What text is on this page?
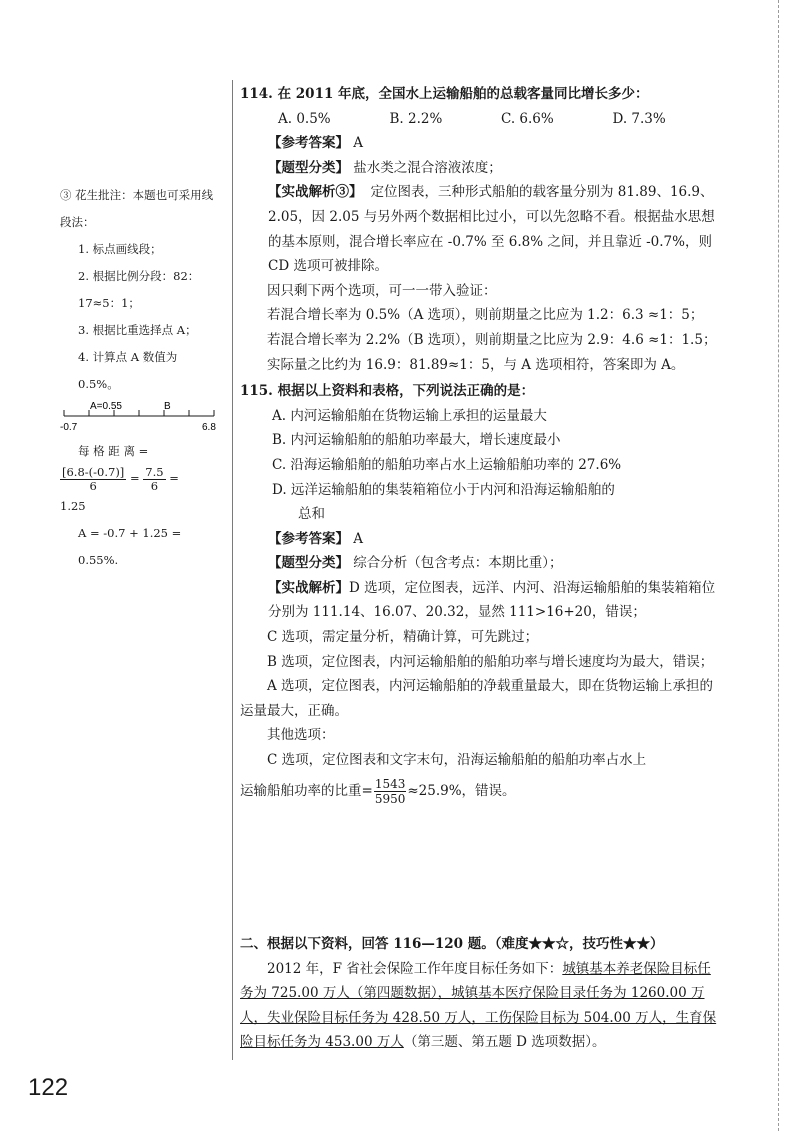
③ 花生批注：本题也可采用线段法：

1. 标点画线段；

2. 根据比例分段：82：17≈5：1；

3. 根据比重选择点 A；

4. 计算点 A 数值为 0.5%。

A=0.55	B
-0.7	6.8

每 格 距 离 =

$\frac{[6.8-(-0.7)]}{6} = \frac{7.5}{6}$ =

1.25

A = -0.7 + 1.25 = 0.55%.

114. 在 2011 年底，全国水上运输船舶的总载客量同比增长多少：

A. 0.5%	B. 2.2%	C. 6.6%	D. 7.3%

【参考答案】 A

【题型分类】 盐水类之混合溶液浓度；

【实战解析③】 定位图表，三种形式船舶的载客量分别为 81.89、16.9、2.05，因 2.05 与另外两个数据相比过小，可以先忽略不看。根据盐水思想的基本原则，混合增长率应在 -0.7% 至 6.8% 之间，并且靠近 -0.7%，则 CD 选项可被排除。

因只剩下两个选项，可一一带入验证：

若混合增长率为 0.5%（A 选项），则前期量之比应为 1.2：6.3 ≈1：5；

若混合增长率为 2.2%（B 选项），则前期量之比应为 2.9：4.6 ≈1：1.5；

实际量之比约为 16.9：81.89≈1：5，与 A 选项相符，答案即为 A。

115. 根据以上资料和表格，下列说法正确的是：

A. 内河运输船舶在货物运输上承担的运量最大

B. 内河运输船舶的船舶功率最大，增长速度最小

C. 沿海运输船舶的船舶功率占水上运输船舶功率的 27.6%

D. 远洋运输船舶的集装箱箱位小于内河和沿海运输船舶的

总和

【参考答案】 A

【题型分类】 综合分析（包含考点：本期比重）；

【实战解析】D 选项，定位图表，远洋、内河、沿海运输船舶的集装箱箱位分别为 111.14、16.07、20.32，显然 111>16+20，错误；

C 选项，需定量分析，精确计算，可先跳过；

B 选项，定位图表，内河运输船舶的船舶功率与增长速度均为最大，错误；

A 选项，定位图表，内河运输船舶的净载重量最大，即在货物运输上承担的运量最大，正确。

其他选项：

C 选项，定位图表和文字末句，沿海运输船舶的船舶功率占水上

运输船舶功率的比重= $\frac{1543}{5950} \approx 25.9\%$，错误。

二、根据以下资料，回答 116—120 题。（难度★★☆，技巧性★★）

2012 年，F 省社会保险工作年度目标任务如下：城镇基本养老保险目标任务为 725.00 万人（第四题数据），城镇基本医疗保险目录任务为 1260.00 万人，失业保险目标任务为 428.50 万人，工伤保险目标为 504.00 万人，生育保险目标任务为 453.00 万人（第三题、第五题 D 选项数据）。

122
